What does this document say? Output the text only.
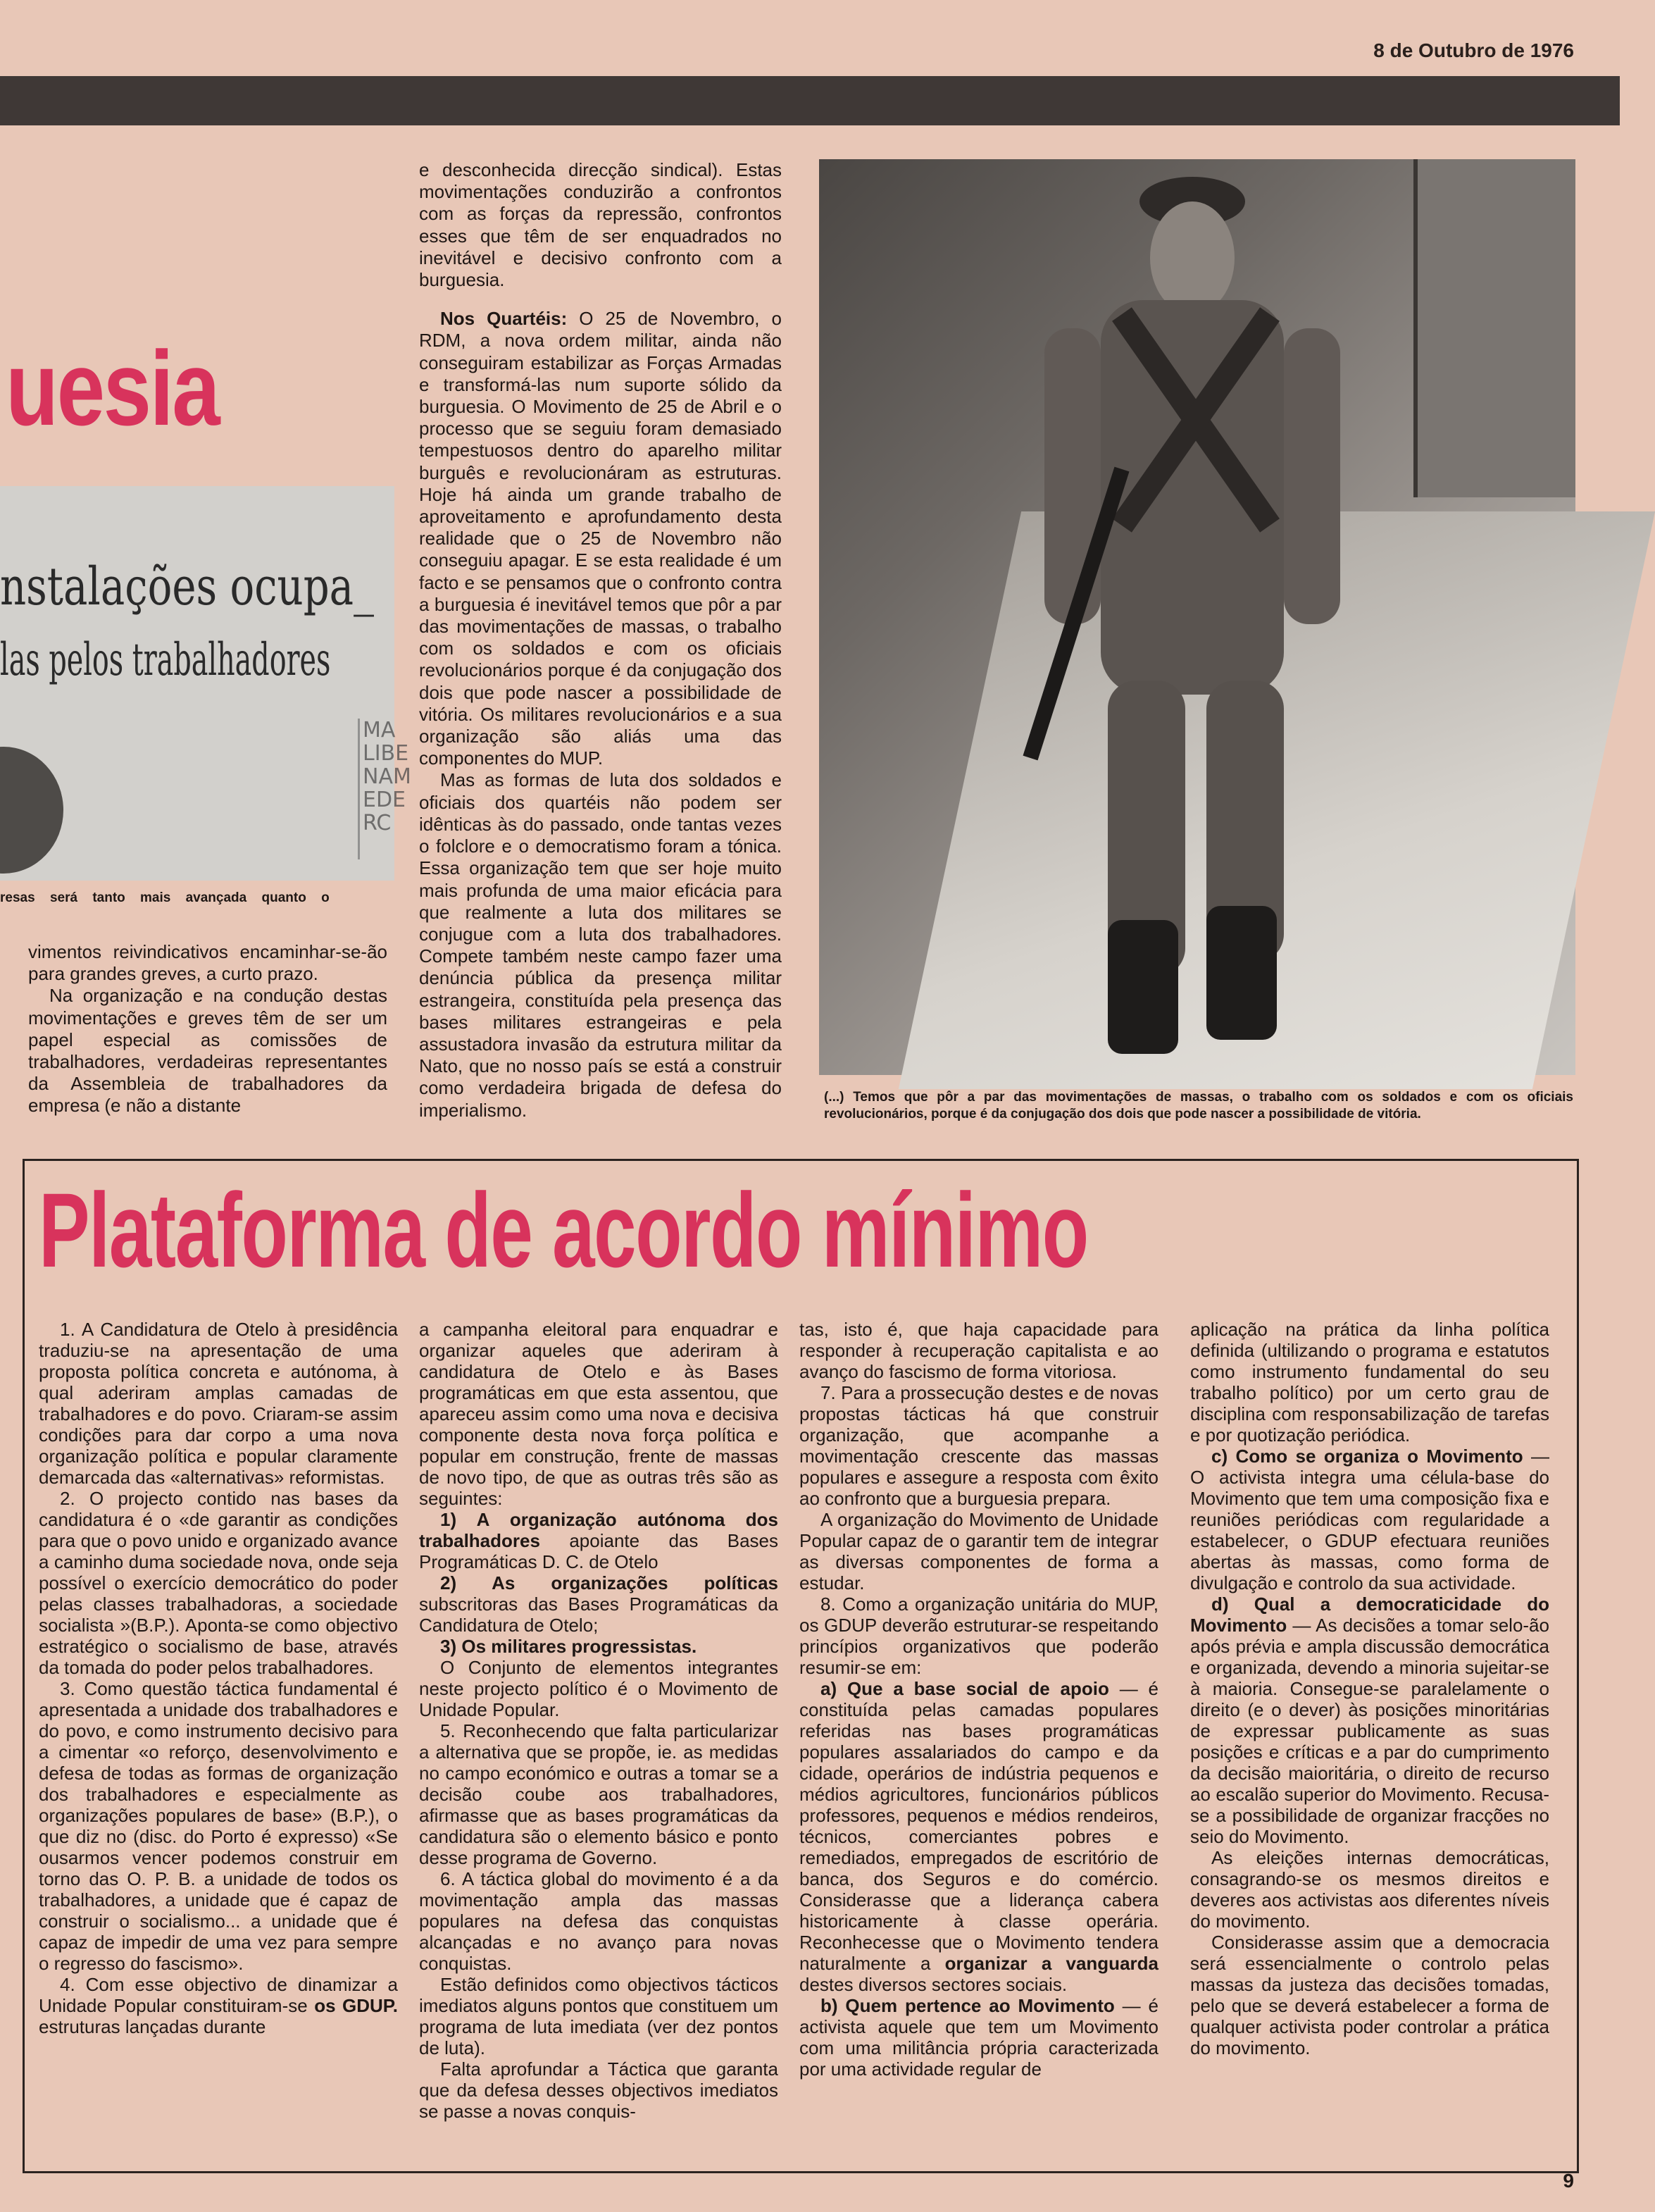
8 de Outubro de 1976
uesia
nstalações ocupa_
las pelos trabalhadores
MA LIBE NAM EDE RC
resas será tanto mais avançada quanto o

vimentos reivindicativos encaminhar-se-ão para grandes greves, a curto prazo.

Na organização e na condução destas movimentações e greves têm de ser um papel especial as comissões de trabalhadores, verdadeiras representantes da Assembleia de trabalhadores da empresa (e não a distante

e desconhecida direcção sindical). Estas movimentações conduzirão a confrontos com as forças da repressão, confrontos esses que têm de ser enquadrados no inevitável e decisivo confronto com a burguesia.

Nos Quartéis: O 25 de Novembro, o RDM, a nova ordem militar, ainda não conseguiram estabilizar as Forças Armadas e transformá-las num suporte sólido da burguesia. O Movimento de 25 de Abril e o processo que se seguiu foram demasiado tempestuosos dentro do aparelho militar burguês e revolucionáram as estruturas. Hoje há ainda um grande trabalho de aproveitamento e aprofundamento desta realidade que o 25 de Novembro não conseguiu apagar. E se esta realidade é um facto e se pensamos que o confronto contra a burguesia é inevitável temos que pôr a par das movimentações de massas, o trabalho com os soldados e com os oficiais revolucionários porque é da conjugação dos dois que pode nascer a possibilidade de vitória. Os militares revolucionários e a sua organização são aliás uma das componentes do MUP.

Mas as formas de luta dos soldados e oficiais dos quartéis não podem ser idênticas às do passado, onde tantas vezes o folclore e o democratismo foram a tónica. Essa organização tem que ser hoje muito mais profunda de uma maior eficácia para que realmente a luta dos militares se conjugue com a luta dos trabalhadores. Compete também neste campo fazer uma denúncia pública da presença militar estrangeira, constituída pela presença das bases militares estrangeiras e pela assustadora invasão da estrutura militar da Nato, que no nosso país se está a construir como verdadeira brigada de defesa do imperialismo.

(...) Temos que pôr a par das movimentações de massas, o trabalho com os soldados e com os oficiais revolucionários, porque é da conjugação dos dois que pode nascer a possibilidade de vitória.
Plataforma de acordo mínimo

1. A Candidatura de Otelo à presidência traduziu-se na apresentação de uma proposta política concreta e autónoma, à qual aderiram amplas camadas de trabalhadores e do povo. Criaram-se assim condições para dar corpo a uma nova organização política e popular claramente demarcada das «alternativas» reformistas.

2. O projecto contido nas bases da candidatura é o «de garantir as condições para que o povo unido e organizado avance a caminho duma sociedade nova, onde seja possível o exercício democrático do poder pelas classes trabalhadoras, a sociedade socialista »(B.P.). Aponta-se como objectivo estratégico o socialismo de base, através da tomada do poder pelos trabalhadores.

3. Como questão táctica fundamental é apresentada a unidade dos trabalhadores e do povo, e como instrumento decisivo para a cimentar «o reforço, desenvolvimento e defesa de todas as formas de organização dos trabalhadores e especialmente as organizações populares de base» (B.P.), o que diz no (disc. do Porto é expresso) «Se ousarmos vencer podemos construir em torno das O. P. B. a unidade de todos os trabalhadores, a unidade que é capaz de construir o socialismo... a unidade que é capaz de impedir de uma vez para sempre o regresso do fascismo».

4. Com esse objectivo de dinamizar a Unidade Popular constituiram-se os GDUP. estruturas lançadas durante

a campanha eleitoral para enquadrar e organizar aqueles que aderiram à candidatura de Otelo e às Bases programáticas em que esta assentou, que apareceu assim como uma nova e decisiva componente desta nova força política e popular em construção, frente de massas de novo tipo, de que as outras três são as seguintes:

1) A organização autónoma dos trabalhadores apoiante das Bases Programáticas D. C. de Otelo

2) As organizações políticas subscritoras das Bases Programáticas da Candidatura de Otelo;

3) Os militares progressistas.

O Conjunto de elementos integrantes neste projecto político é o Movimento de Unidade Popular.

5. Reconhecendo que falta particularizar a alternativa que se propõe, ie. as medidas no campo económico e outras a tomar se a decisão coube aos trabalhadores, afirmasse que as bases programáticas da candidatura são o elemento básico e ponto desse programa de Governo.

6. A táctica global do movimento é a da movimentação ampla das massas populares na defesa das conquistas alcançadas e no avanço para novas conquistas.

Estão definidos como objectivos tácticos imediatos alguns pontos que constituem um programa de luta imediata (ver dez pontos de luta).

Falta aprofundar a Táctica que garanta que da defesa desses objectivos imediatos se passe a novas conquis-

tas, isto é, que haja capacidade para responder à recuperação capitalista e ao avanço do fascismo de forma vitoriosa.

7. Para a prossecução destes e de novas propostas tácticas há que construir organização, que acompanhe a movimentação crescente das massas populares e assegure a resposta com êxito ao confronto que a burguesia prepara.

A organização do Movimento de Unidade Popular capaz de o garantir tem de integrar as diversas componentes de forma a estudar.

8. Como a organização unitária do MUP, os GDUP deverão estruturar-se respeitando princípios organizativos que poderão resumir-se em:

a) Que a base social de apoio — é constituída pelas camadas populares referidas nas bases programáticas populares assalariados do campo e da cidade, operários de indústria pequenos e médios agricultores, funcionários públicos professores, pequenos e médios rendeiros, técnicos, comerciantes pobres e remediados, empregados de escritório de banca, dos Seguros e do comércio. Considerasse que a liderança cabera historicamente à classe operária. Reconhecesse que o Movimento tendera naturalmente a organizar a vanguarda destes diversos sectores sociais.

b) Quem pertence ao Movimento — é activista aquele que tem um Movimento com uma militância própria caracterizada por uma actividade regular de

aplicação na prática da linha política definida (ultilizando o programa e estatutos como instrumento fundamental do seu trabalho político) por um certo grau de disciplina com responsabilização de tarefas e por quotização periódica.

c) Como se organiza o Movimento — O activista integra uma célula-base do Movimento que tem uma composição fixa e reuniões periódicas com regularidade a estabelecer, o GDUP efectuara reuniões abertas às massas, como forma de divulgação e controlo da sua actividade.

d) Qual a democraticidade do Movimento — As decisões a tomar selo-ão após prévia e ampla discussão democrática e organizada, devendo a minoria sujeitar-se à maioria. Consegue-se paralelamente o direito (e o dever) às posições minoritárias de expressar publicamente as suas posições e críticas e a par do cumprimento da decisão maioritária, o direito de recurso ao escalão superior do Movimento. Recusa-se a possibilidade de organizar fracções no seio do Movimento.

As eleições internas democráticas, consagrando-se os mesmos direitos e deveres aos activistas aos diferentes níveis do movimento.

Considerasse assim que a democracia será essencialmente o controlo pelas massas da justeza das decisões tomadas, pelo que se deverá estabelecer a forma de qualquer activista poder controlar a prática do movimento.

9
